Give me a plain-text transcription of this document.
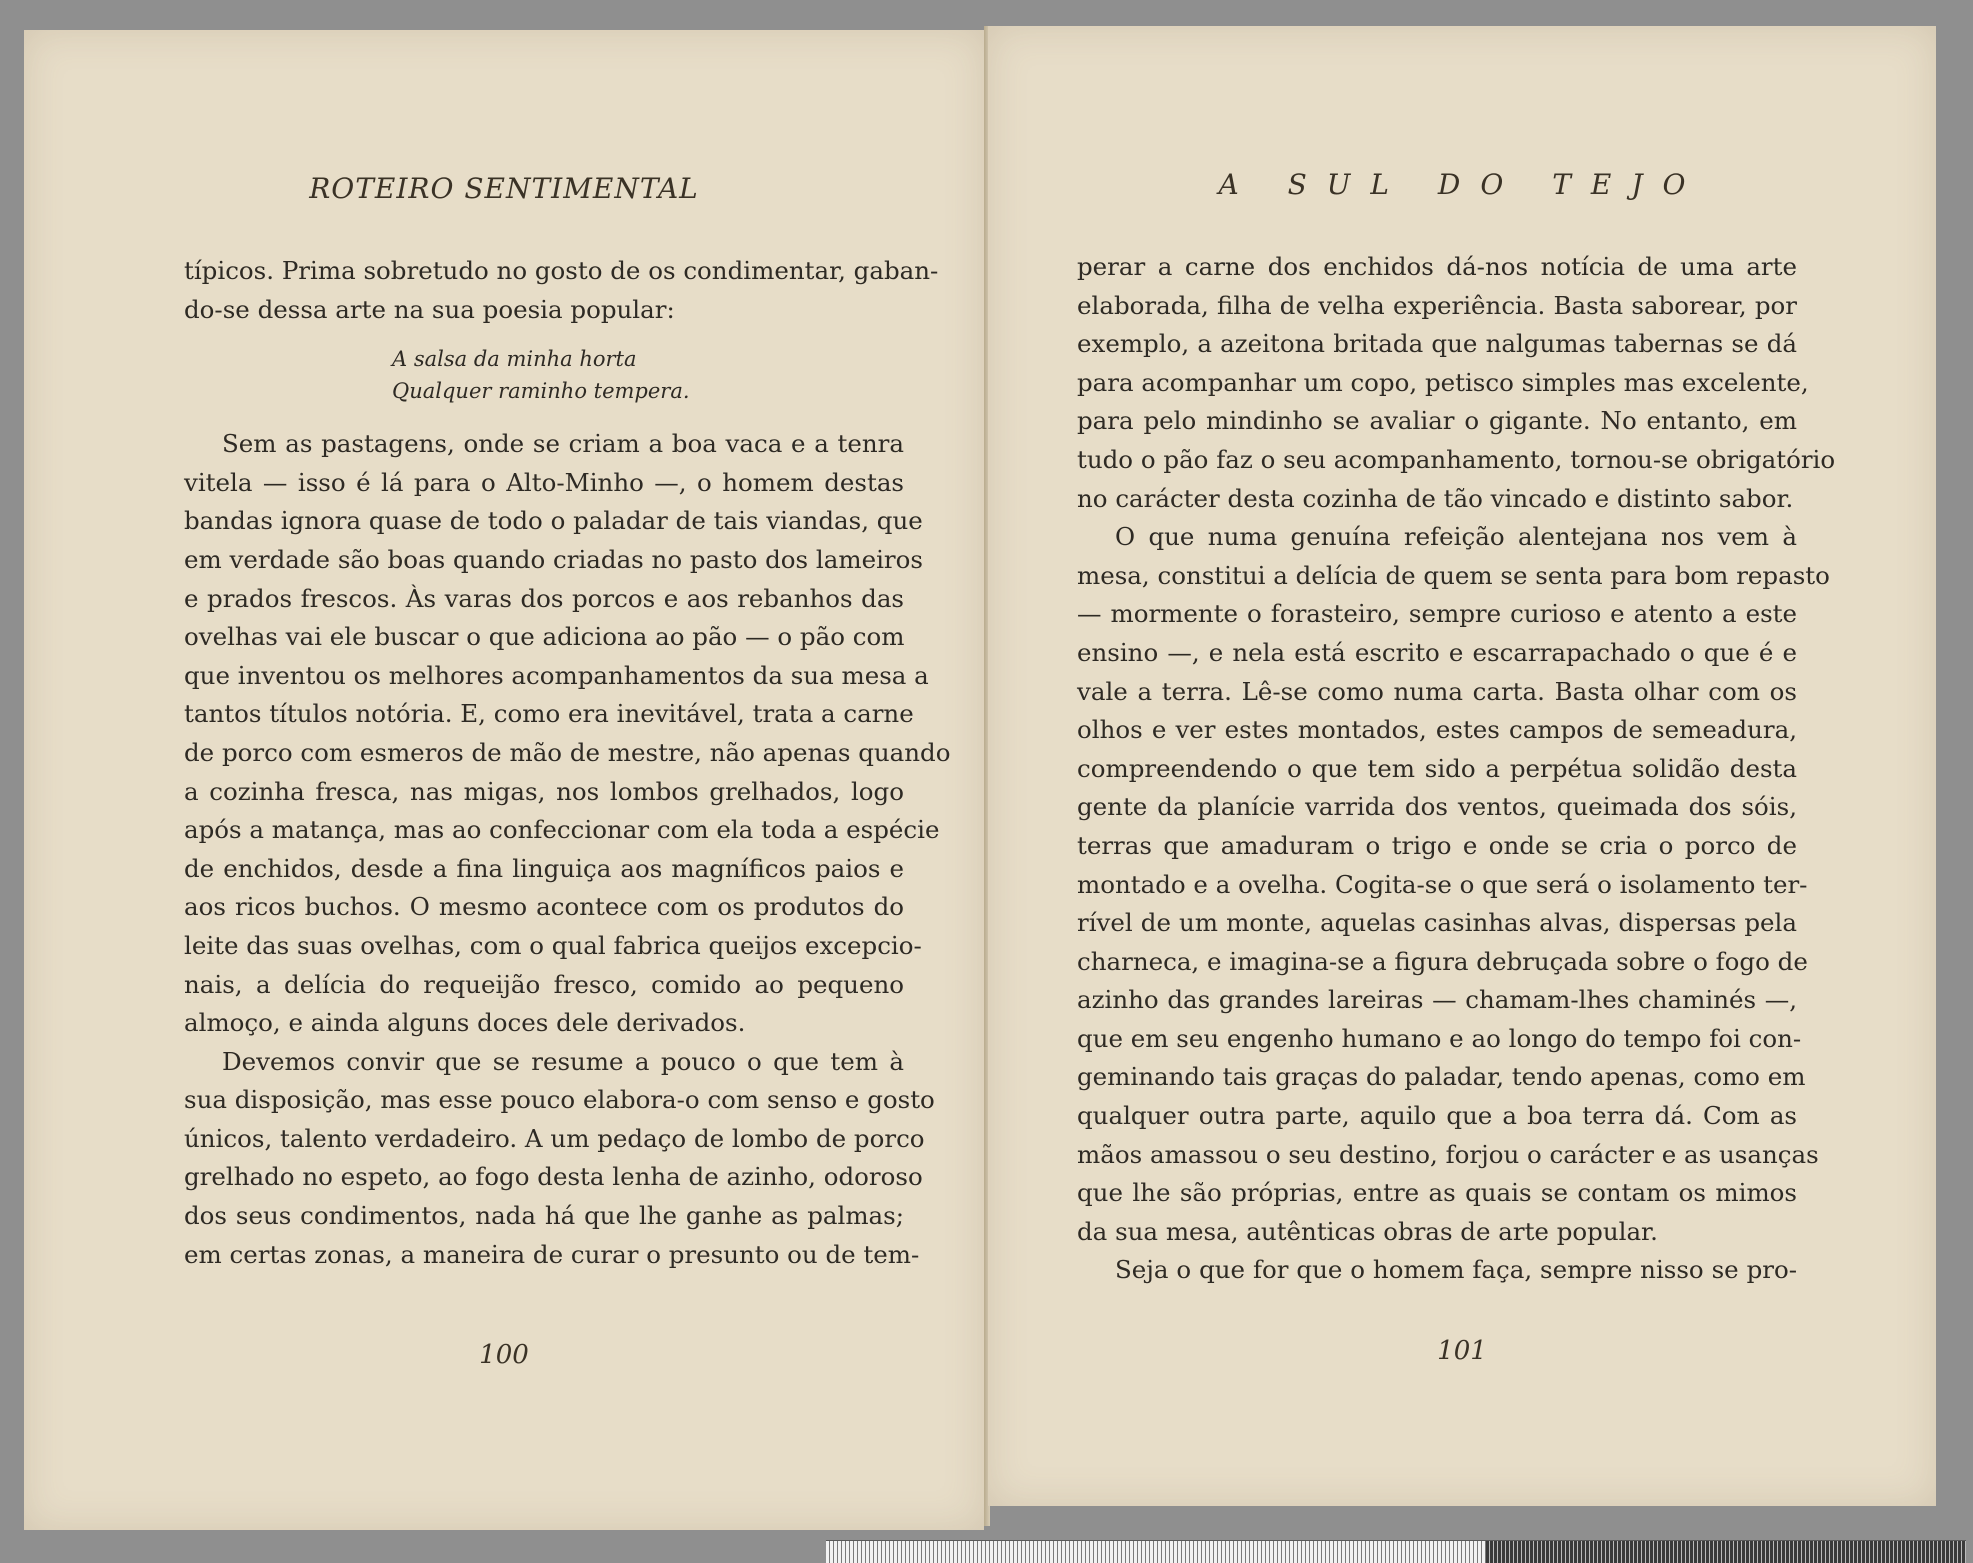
ROTEIRO SENTIMENTAL
típicos. Prima sobretudo no gosto de os condimentar, gaban-
do-se dessa arte na sua poesia popular:
A salsa da minha horta
Qualquer raminho tempera.
Sem as pastagens, onde se criam a boa vaca e a tenra
vitela — isso é lá para o Alto-Minho —, o homem destas
bandas ignora quase de todo o paladar de tais viandas, que
em verdade são boas quando criadas no pasto dos lameiros
e prados frescos. Às varas dos porcos e aos rebanhos das
ovelhas vai ele buscar o que adiciona ao pão — o pão com
que inventou os melhores acompanhamentos da sua mesa a
tantos títulos notória. E, como era inevitável, trata a carne
de porco com esmeros de mão de mestre, não apenas quando
a cozinha fresca, nas migas, nos lombos grelhados, logo
após a matança, mas ao confeccionar com ela toda a espécie
de enchidos, desde a fina linguiça aos magníficos paios e
aos ricos buchos. O mesmo acontece com os produtos do
leite das suas ovelhas, com o qual fabrica queijos excepcio-
nais, a delícia do requeijão fresco, comido ao pequeno
almoço, e ainda alguns doces dele derivados.
Devemos convir que se resume a pouco o que tem à
sua disposição, mas esse pouco elabora-o com senso e gosto
únicos, talento verdadeiro. A um pedaço de lombo de porco
grelhado no espeto, ao fogo desta lenha de azinho, odoroso
dos seus condimentos, nada há que lhe ganhe as palmas;
em certas zonas, a maneira de curar o presunto ou de tem-
100
A SUL DO TEJO
perar a carne dos enchidos dá-nos notícia de uma arte
elaborada, filha de velha experiência. Basta saborear, por
exemplo, a azeitona britada que nalgumas tabernas se dá
para acompanhar um copo, petisco simples mas excelente,
para pelo mindinho se avaliar o gigante. No entanto, em
tudo o pão faz o seu acompanhamento, tornou-se obrigatório
no carácter desta cozinha de tão vincado e distinto sabor.
O que numa genuína refeição alentejana nos vem à
mesa, constitui a delícia de quem se senta para bom repasto
— mormente o forasteiro, sempre curioso e atento a este
ensino —, e nela está escrito e escarrapachado o que é e
vale a terra. Lê-se como numa carta. Basta olhar com os
olhos e ver estes montados, estes campos de semeadura,
compreendendo o que tem sido a perpétua solidão desta
gente da planície varrida dos ventos, queimada dos sóis,
terras que amaduram o trigo e onde se cria o porco de
montado e a ovelha. Cogita-se o que será o isolamento ter-
rível de um monte, aquelas casinhas alvas, dispersas pela
charneca, e imagina-se a figura debruçada sobre o fogo de
azinho das grandes lareiras — chamam-lhes chaminés —,
que em seu engenho humano e ao longo do tempo foi con-
geminando tais graças do paladar, tendo apenas, como em
qualquer outra parte, aquilo que a boa terra dá. Com as
mãos amassou o seu destino, forjou o carácter e as usanças
que lhe são próprias, entre as quais se contam os mimos
da sua mesa, autênticas obras de arte popular.
Seja o que for que o homem faça, sempre nisso se pro-
101
